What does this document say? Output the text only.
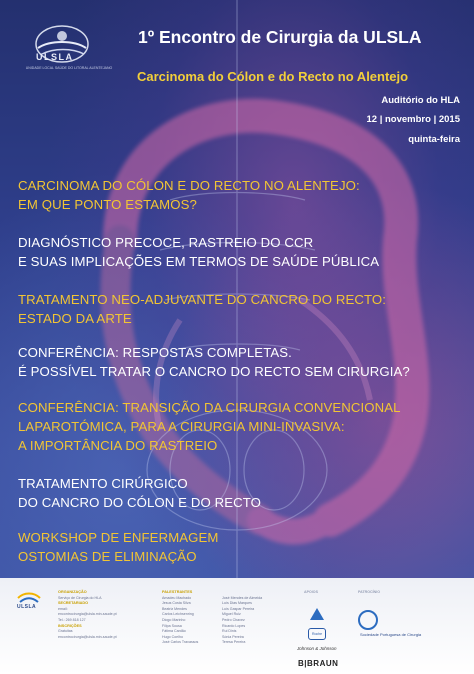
ULSLA
UNIDADE LOCAL SAÚDE DO LITORAL ALENTEJANO
1º Encontro de Cirurgia da ULSLA
Carcinoma do Cólon e do Recto no Alentejo
Auditório do HLA
12 | novembro | 2015
quinta-feira
CARCINOMA DO CÓLON E DO RECTO NO ALENTEJO:
EM QUE PONTO ESTAMOS?
DIAGNÓSTICO PRECOCE, RASTREIO DO CCR
E SUAS IMPLICAÇÕES EM TERMOS DE SAÚDE PÚBLICA
TRATAMENTO NEO-ADJUVANTE DO CANCRO DO RECTO:
ESTADO DA ARTE
CONFERÊNCIA: RESPOSTAS COMPLETAS.
É POSSÍVEL TRATAR O CANCRO DO RECTO SEM CIRURGIA?
CONFERÊNCIA: TRANSIÇÃO DA CIRURGIA CONVENCIONAL
LAPAROTÓMICA, PARA A CIRURGIA MINI-INVASIVA:
A IMPORTÂNCIA DO RASTREIO
TRATAMENTO CIRÚRGICO
DO CANCRO DO CÓLON E DO RECTO
WORKSHOP DE ENFERMAGEM
OSTOMIAS DE ELIMINAÇÃO
ULSLA
ORGANIZAÇÃO
Serviço de Cirurgia do HLA
SECRETARIADO
email:
encontrocirurgia@ulsla.min-saude.pt
Tel.: 269 818 127
INSCRIÇÕES
Gratuitas
encontrocirurgia@ulsla.min-saude.pt
PALESTRANTES
Amadeu Machado
Jesus Costa Silva
Beatriz Mendes
Carlos Leichsenring
Diogo Marinho
Filipa Sousa
Fátima Cardão
Hugo Coelho
José Carlos Travassos
José Mendes de Almeida
Luís Dias Marques
Luís Gaspar Pereira
Miguel Ruiz
Pedro Chavez
Ricardo Lopes
Rui Dinis
Sónia Pereira
Teresa Pereira
APOIOS	PATROCÍNIO
Roche
Johnson & Johnson
B|BRAUN
Sociedade Portuguesa de Cirurgia
